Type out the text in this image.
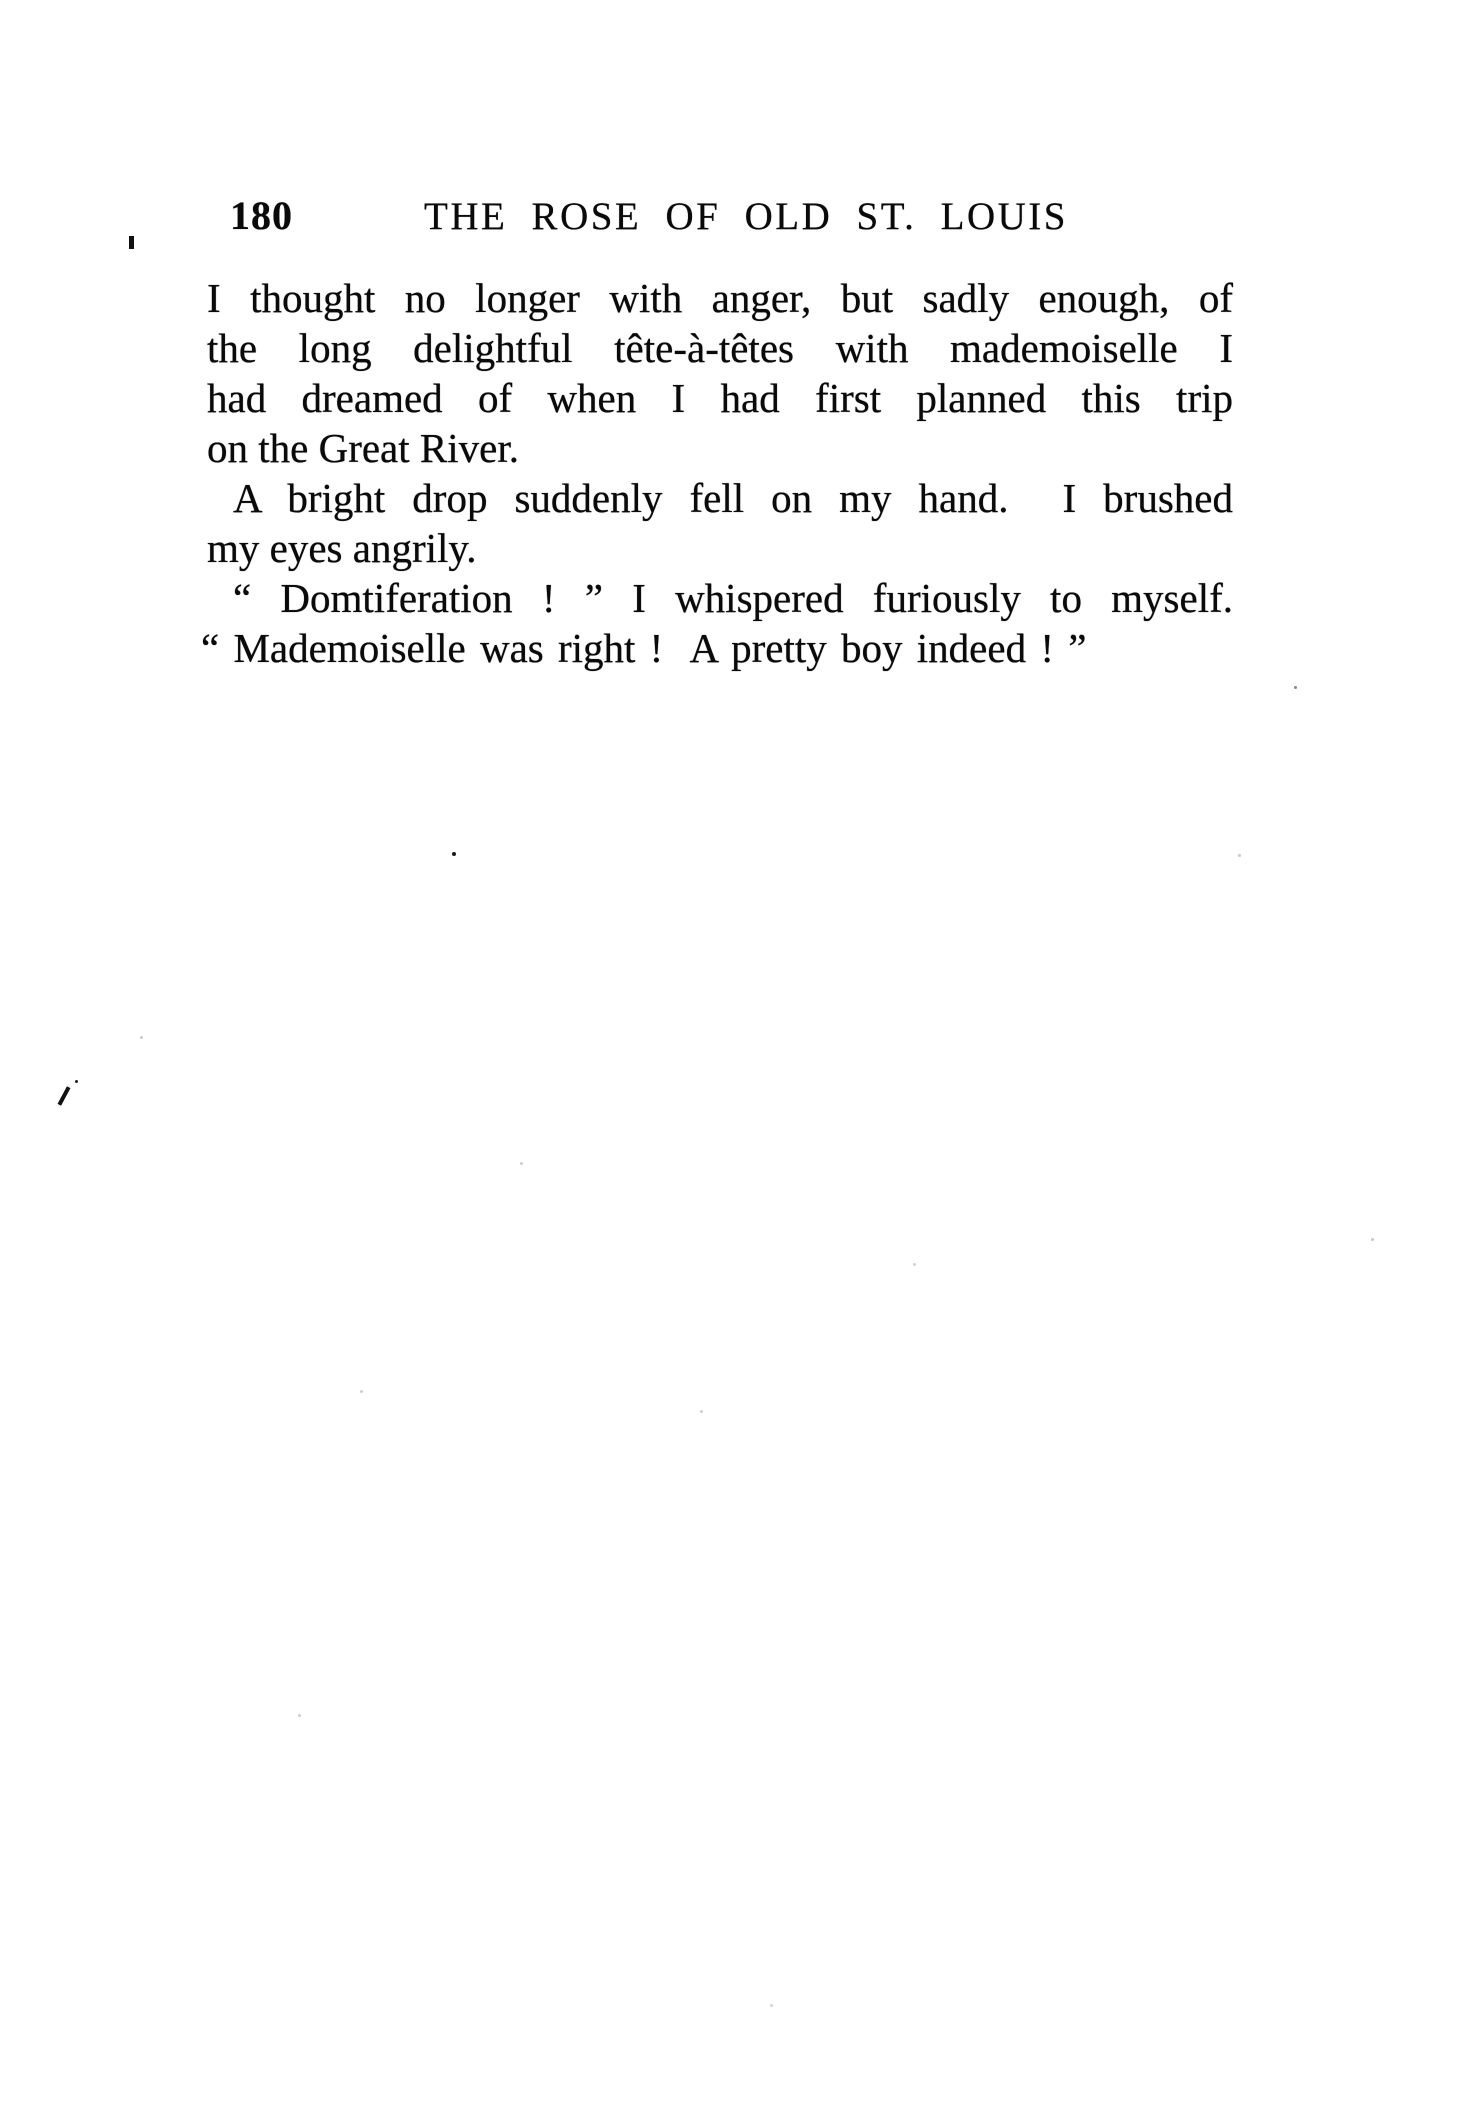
180	THE ROSE OF OLD ST. LOUIS
I thought no longer with anger, but sadly enough, of
the long delightful tête-à-têtes with mademoiselle I
had dreamed of when I had first planned this trip
on the Great River.
A bright drop suddenly fell on my hand.  I brushed
my eyes angrily.
“ Domtiferation ! ” I whispered furiously to myself.
“ Mademoiselle was right !  A pretty boy indeed ! ”
